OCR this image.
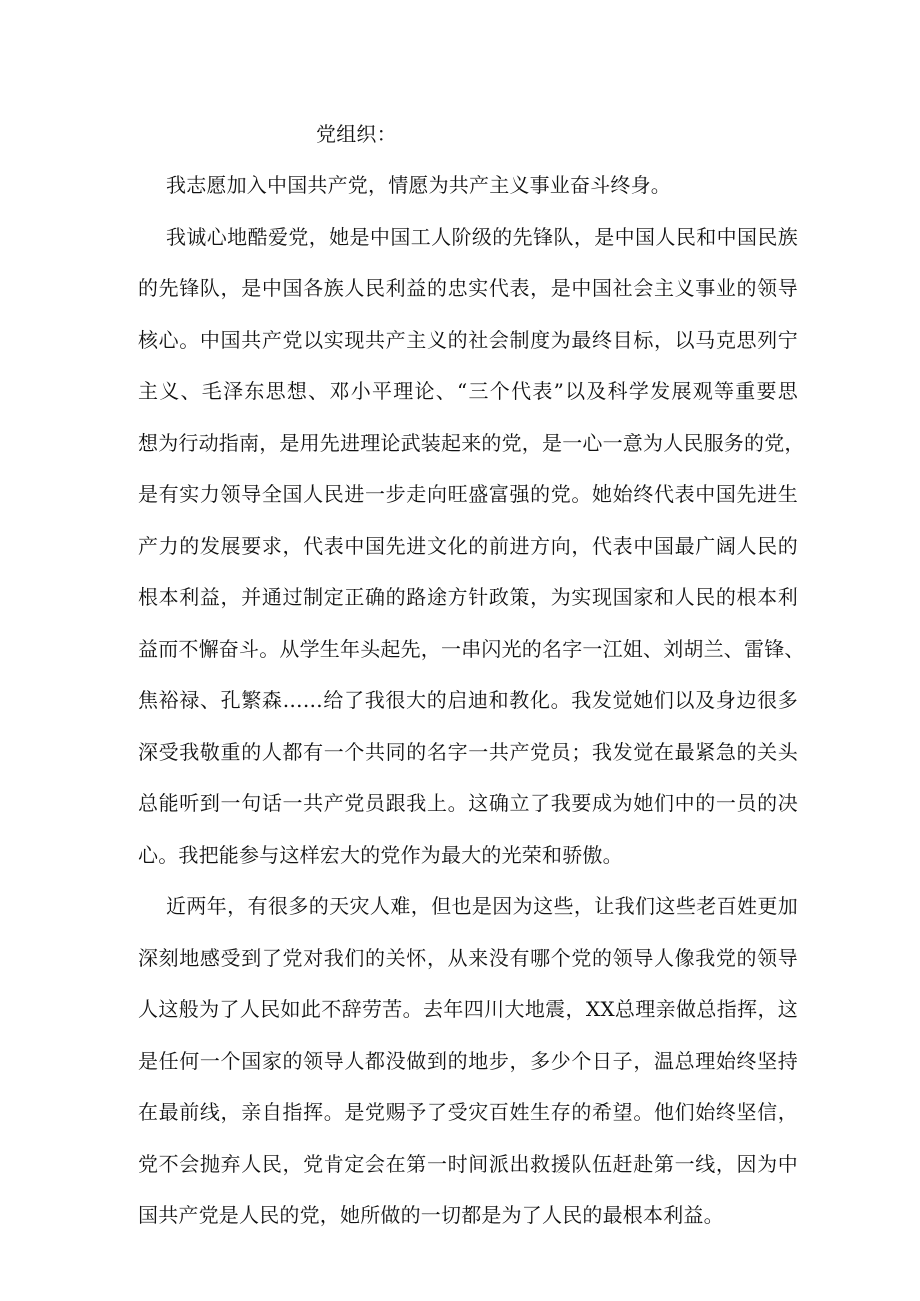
党组织：
我志愿加入中国共产党，情愿为共产主义事业奋斗终身。
我诚心地酷爱党，她是中国工人阶级的先锋队，是中国人民和中国民族
的先锋队，是中国各族人民利益的忠实代表，是中国社会主义事业的领导
核心。中国共产党以实现共产主义的社会制度为最终目标，以马克思列宁
主义、毛泽东思想、邓小平理论、“三个代表”以及科学发展观等重要思
想为行动指南，是用先进理论武装起来的党，是一心一意为人民服务的党，
是有实力领导全国人民进一步走向旺盛富强的党。她始终代表中国先进生
产力的发展要求，代表中国先进文化的前进方向，代表中国最广阔人民的
根本利益，并通过制定正确的路途方针政策，为实现国家和人民的根本利
益而不懈奋斗。从学生年头起先，一串闪光的名字一江姐、刘胡兰、雷锋、
焦裕禄、孔繁森……给了我很大的启迪和教化。我发觉她们以及身边很多
深受我敬重的人都有一个共同的名字一共产党员；我发觉在最紧急的关头
总能听到一句话一共产党员跟我上。这确立了我要成为她们中的一员的决
心。我把能参与这样宏大的党作为最大的光荣和骄傲。
近两年，有很多的天灾人难，但也是因为这些，让我们这些老百姓更加
深刻地感受到了党对我们的关怀，从来没有哪个党的领导人像我党的领导
人这般为了人民如此不辞劳苦。去年四川大地震，XX总理亲做总指挥，这
是任何一个国家的领导人都没做到的地步，多少个日子，温总理始终坚持
在最前线，亲自指挥。是党赐予了受灾百姓生存的希望。他们始终坚信，
党不会抛弃人民，党肯定会在第一时间派出救援队伍赶赴第一线，因为中
国共产党是人民的党，她所做的一切都是为了人民的最根本利益。
